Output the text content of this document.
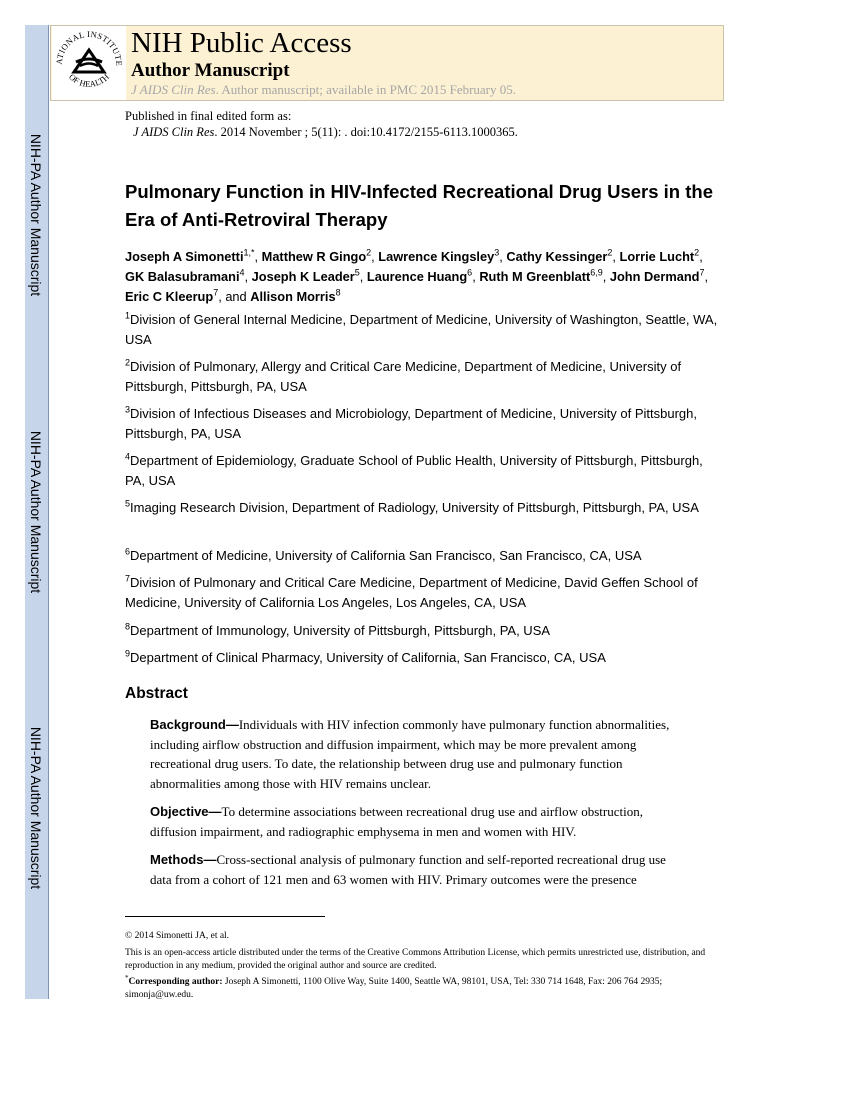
NIH-PA Author Manuscript
NIH-PA Author Manuscript
NIH-PA Author Manuscript
ATIONAL INSTITUTE
OF HEALTH
NIH Public Access
Author Manuscript
J AIDS Clin Res. Author manuscript; available in PMC 2015 February 05.
Published in final edited form as:
J AIDS Clin Res. 2014 November ; 5(11): . doi:10.4172/2155-6113.1000365.
Pulmonary Function in HIV-Infected Recreational Drug Users in the Era of Anti-Retroviral Therapy
Joseph A Simonetti$^{1,*}$, Matthew R Gingo$^2$, Lawrence Kingsley$^3$, Cathy Kessinger$^2$, Lorrie Lucht$^2$, GK Balasubramani$^4$, Joseph K Leader$^5$, Laurence Huang$^6$, Ruth M Greenblatt$^{6,9}$, John Dermand$^7$, Eric C Kleerup$^7$, and Allison Morris$^8$
$^1$Division of General Internal Medicine, Department of Medicine, University of Washington, Seattle, WA, USA
$^2$Division of Pulmonary, Allergy and Critical Care Medicine, Department of Medicine, University of Pittsburgh, Pittsburgh, PA, USA
$^3$Division of Infectious Diseases and Microbiology, Department of Medicine, University of Pittsburgh, Pittsburgh, PA, USA
$^4$Department of Epidemiology, Graduate School of Public Health, University of Pittsburgh, Pittsburgh, PA, USA
$^5$Imaging Research Division, Department of Radiology, University of Pittsburgh, Pittsburgh, PA, USA
$^6$Department of Medicine, University of California San Francisco, San Francisco, CA, USA
$^7$Division of Pulmonary and Critical Care Medicine, Department of Medicine, David Geffen School of Medicine, University of California Los Angeles, Los Angeles, CA, USA
$^8$Department of Immunology, University of Pittsburgh, Pittsburgh, PA, USA
$^9$Department of Clinical Pharmacy, University of California, San Francisco, CA, USA
Abstract
Background—Individuals with HIV infection commonly have pulmonary function abnormalities, including airflow obstruction and diffusion impairment, which may be more prevalent among recreational drug users. To date, the relationship between drug use and pulmonary function abnormalities among those with HIV remains unclear.
Objective—To determine associations between recreational drug use and airflow obstruction, diffusion impairment, and radiographic emphysema in men and women with HIV.
Methods—Cross-sectional analysis of pulmonary function and self-reported recreational drug use data from a cohort of 121 men and 63 women with HIV. Primary outcomes were the presence
© 2014 Simonetti JA, et al.
This is an open-access article distributed under the terms of the Creative Commons Attribution License, which permits unrestricted use, distribution, and reproduction in any medium, provided the original author and source are credited.
*Corresponding author: Joseph A Simonetti, 1100 Olive Way, Suite 1400, Seattle WA, 98101, USA, Tel: 330 714 1648, Fax: 206 764 2935; simonja@uw.edu.
